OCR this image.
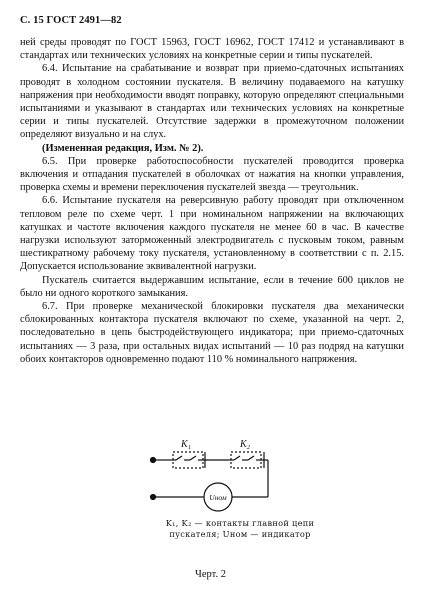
С. 15 ГОСТ 2491—82

ней среды проводят по ГОСТ 15963, ГОСТ 16962, ГОСТ 17412 и устанавливают в стандартах или технических условиях на конкретные серии и типы пускателей.

6.4. Испытание на срабатывание и возврат при приемо-сдаточных испытаниях проводят в холодном состоянии пускателя. В величину подаваемого на катушку напряжения при необходимости вводят поправку, которую определяют специальными испытаниями и указывают в стандартах или технических условиях на конкретные серии и типы пускателей. Отсутствие задержки в промежуточном положении определяют визуально и на слух.

(Измененная редакция, Изм. № 2).

6.5. При проверке работоспособности пускателей проводится проверка включения и отпадания пускателей в оболочках от нажатия на кнопки управления, проверка схемы и времени переключения пускателей звезда — треугольник.

6.6. Испытание пускателя на реверсивную работу проводят при отключенном тепловом реле по схеме черт. 1 при номинальном напряжении на включающих катушках и частоте включения каждого пускателя не менее 60 в час. В качестве нагрузки используют заторможенный электродвигатель с пусковым током, равным шестикратному рабочему току пускателя, установленному в соответствии с п. 2.15. Допускается использование эквивалентной нагрузки.

Пускатель считается выдержавшим испытание, если в течение 600 циклов не было ни одного короткого замыкания.

6.7. При проверке механической блокировки пускателя два механически сблокированных контактора пускателя включают по схеме, указанной на черт. 2, последовательно в цепь быстродействующего индикатора; при приемо-сдаточных испытаниях — 3 раза, при остальных видах испытаний — 10 раз подряд на катушки обоих контакторов одновременно подают 110 % номинального напряжения.

K₁	K₂
Uном
K₁, K₂ — контакты главной цепи
пускателя; Uном — индикатор
Черт. 2
